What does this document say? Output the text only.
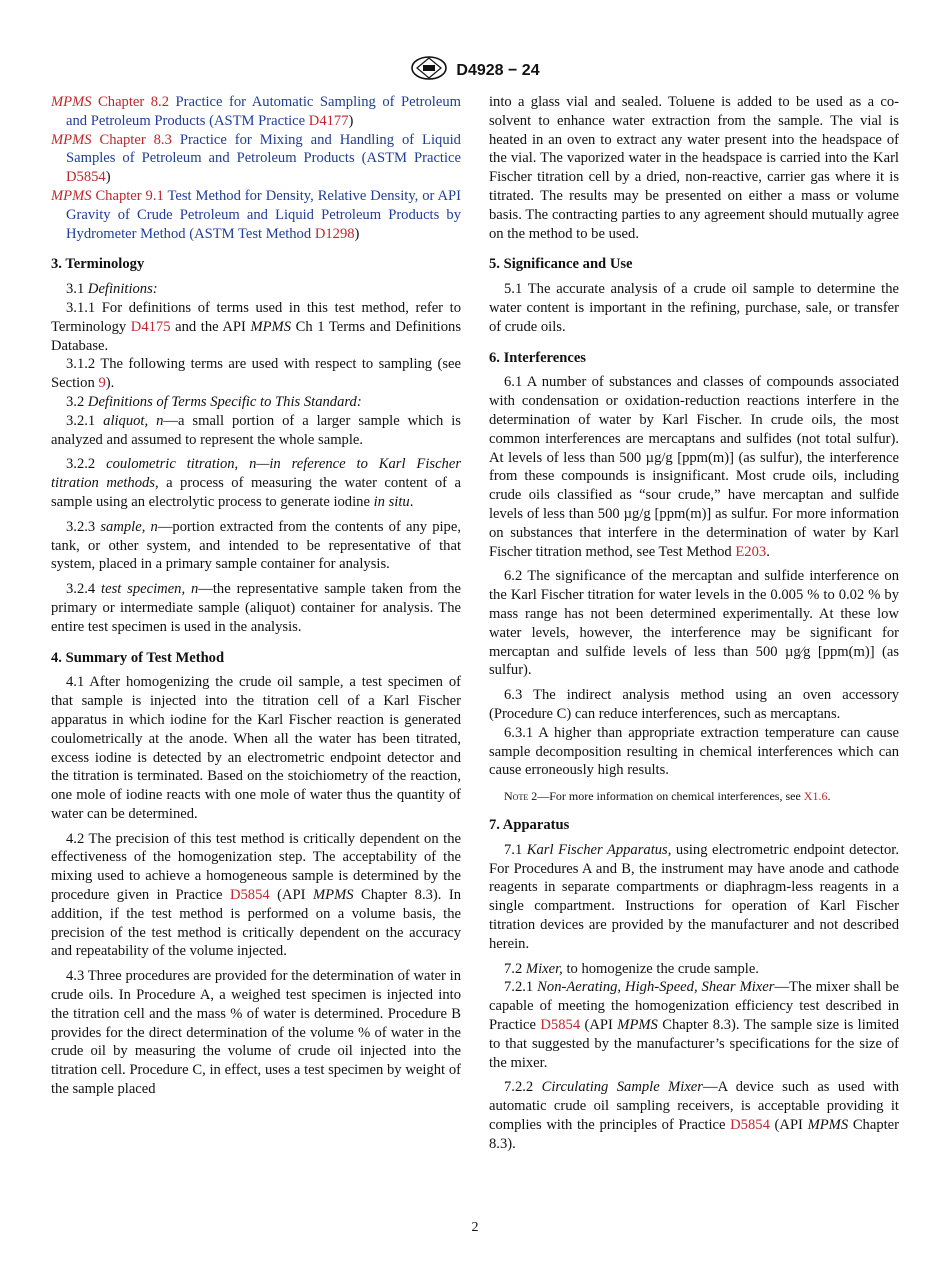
D4928 − 24

MPMS Chapter 8.2 Practice for Automatic Sampling of Petroleum and Petroleum Products (ASTM Practice D4177)

MPMS Chapter 8.3 Practice for Mixing and Handling of Liquid Samples of Petroleum and Petroleum Products (ASTM Practice D5854)

MPMS Chapter 9.1 Test Method for Density, Relative Density, or API Gravity of Crude Petroleum and Liquid Petroleum Products by Hydrometer Method (ASTM Test Method D1298)

3. Terminology

3.1 Definitions:

3.1.1 For definitions of terms used in this test method, refer to Terminology D4175 and the API MPMS Ch 1 Terms and Definitions Database.

3.1.2 The following terms are used with respect to sampling (see Section 9).

3.2 Definitions of Terms Specific to This Standard:

3.2.1 aliquot, n—a small portion of a larger sample which is analyzed and assumed to represent the whole sample.

3.2.2 coulometric titration, n—in reference to Karl Fischer titration methods, a process of measuring the water content of a sample using an electrolytic process to generate iodine in situ.

3.2.3 sample, n—portion extracted from the contents of any pipe, tank, or other system, and intended to be representative of that system, placed in a primary sample container for analysis.

3.2.4 test specimen, n—the representative sample taken from the primary or intermediate sample (aliquot) container for analysis. The entire test specimen is used in the analysis.

4. Summary of Test Method

4.1 After homogenizing the crude oil sample, a test specimen of that sample is injected into the titration cell of a Karl Fischer apparatus in which iodine for the Karl Fischer reaction is generated coulometrically at the anode. When all the water has been titrated, excess iodine is detected by an electrometric endpoint detector and the titration is terminated. Based on the stoichiometry of the reaction, one mole of iodine reacts with one mole of water thus the quantity of water can be determined.

4.2 The precision of this test method is critically dependent on the effectiveness of the homogenization step. The acceptability of the mixing used to achieve a homogeneous sample is determined by the procedure given in Practice D5854 (API MPMS Chapter 8.3). In addition, if the test method is performed on a volume basis, the precision of the test method is critically dependent on the accuracy and repeatability of the volume injected.

4.3 Three procedures are provided for the determination of water in crude oils. In Procedure A, a weighed test specimen is injected into the titration cell and the mass % of water is determined. Procedure B provides for the direct determination of the volume % of water in the crude oil by measuring the volume of crude oil injected into the titration cell. Procedure C, in effect, uses a test specimen by weight of the sample placed

into a glass vial and sealed. Toluene is added to be used as a co-solvent to enhance water extraction from the sample. The vial is heated in an oven to extract any water present into the headspace of the vial. The vaporized water in the headspace is carried into the Karl Fischer titration cell by a dried, non-reactive, carrier gas where it is titrated. The results may be presented on either a mass or volume basis. The contracting parties to any agreement should mutually agree on the method to be used.

5. Significance and Use

5.1 The accurate analysis of a crude oil sample to determine the water content is important in the refining, purchase, sale, or transfer of crude oils.

6. Interferences

6.1 A number of substances and classes of compounds associated with condensation or oxidation-reduction reactions interfere in the determination of water by Karl Fischer. In crude oils, the most common interferences are mercaptans and sulfides (not total sulfur). At levels of less than 500 µg/g [ppm(m)] (as sulfur), the interference from these compounds is insignificant. Most crude oils, including crude oils classified as “sour crude,” have mercaptan and sulfide levels of less than 500 µg/g [ppm(m)] as sulfur. For more information on substances that interfere in the determination of water by Karl Fischer titration method, see Test Method E203.

6.2 The significance of the mercaptan and sulfide interference on the Karl Fischer titration for water levels in the 0.005 % to 0.02 % by mass range has not been determined experimentally. At these low water levels, however, the interference may be significant for mercaptan and sulfide levels of less than 500 µg⁄g [ppm(m)] (as sulfur).

6.3 The indirect analysis method using an oven accessory (Procedure C) can reduce interferences, such as mercaptans.

6.3.1 A higher than appropriate extraction temperature can cause sample decomposition resulting in chemical interferences which can cause erroneously high results.

Note 2—For more information on chemical interferences, see X1.6.

7. Apparatus

7.1 Karl Fischer Apparatus, using electrometric endpoint detector. For Procedures A and B, the instrument may have anode and cathode reagents in separate compartments or diaphragm-less reagents in a single compartment. Instructions for operation of Karl Fischer titration devices are provided by the manufacturer and not described herein.

7.2 Mixer, to homogenize the crude sample.

7.2.1 Non-Aerating, High-Speed, Shear Mixer—The mixer shall be capable of meeting the homogenization efficiency test described in Practice D5854 (API MPMS Chapter 8.3). The sample size is limited to that suggested by the manufacturer’s specifications for the size of the mixer.

7.2.2 Circulating Sample Mixer—A device such as used with automatic crude oil sampling receivers, is acceptable providing it complies with the principles of Practice D5854 (API MPMS Chapter 8.3).

2
